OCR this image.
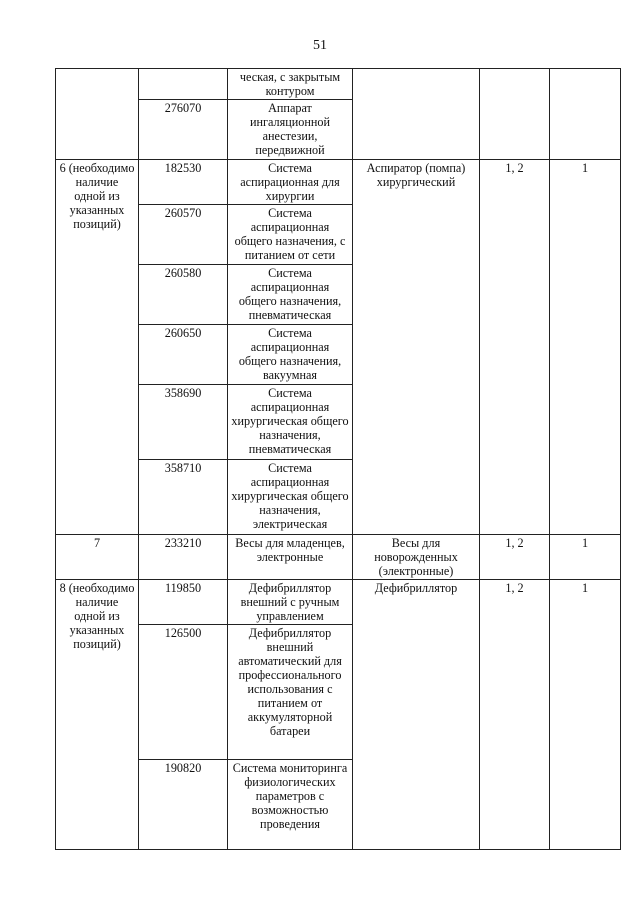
51
		ческая, с закрытым контуром			
	276070	Аппарат ингаляционной анестезии, передвижной			
6 (необходимо наличие одной из указанных позиций)	182530	Система аспирационная для хирургии	Аспиратор (помпа) хирургический	1, 2	1
	260570	Система аспирационная общего назначения, с питанием от сети			
	260580	Система аспирационная общего назначения, пневматическая			
	260650	Система аспирационная общего назначения, вакуумная			
	358690	Система аспирационная хирургическая общего назначения, пневматическая			
	358710	Система аспирационная хирургическая общего назначения, электрическая			
7	233210	Весы для младенцев, электронные	Весы для новорожденных (электронные)	1, 2	1
8 (необходимо наличие одной из указанных позиций)	119850	Дефибриллятор внешний с ручным управлением	Дефибриллятор	1, 2	1
	126500	Дефибриллятор внешний автоматический для профессионального использования с питанием от аккумуляторной батареи			
	190820	Система мониторинга физиологических параметров с возможностью проведения			
